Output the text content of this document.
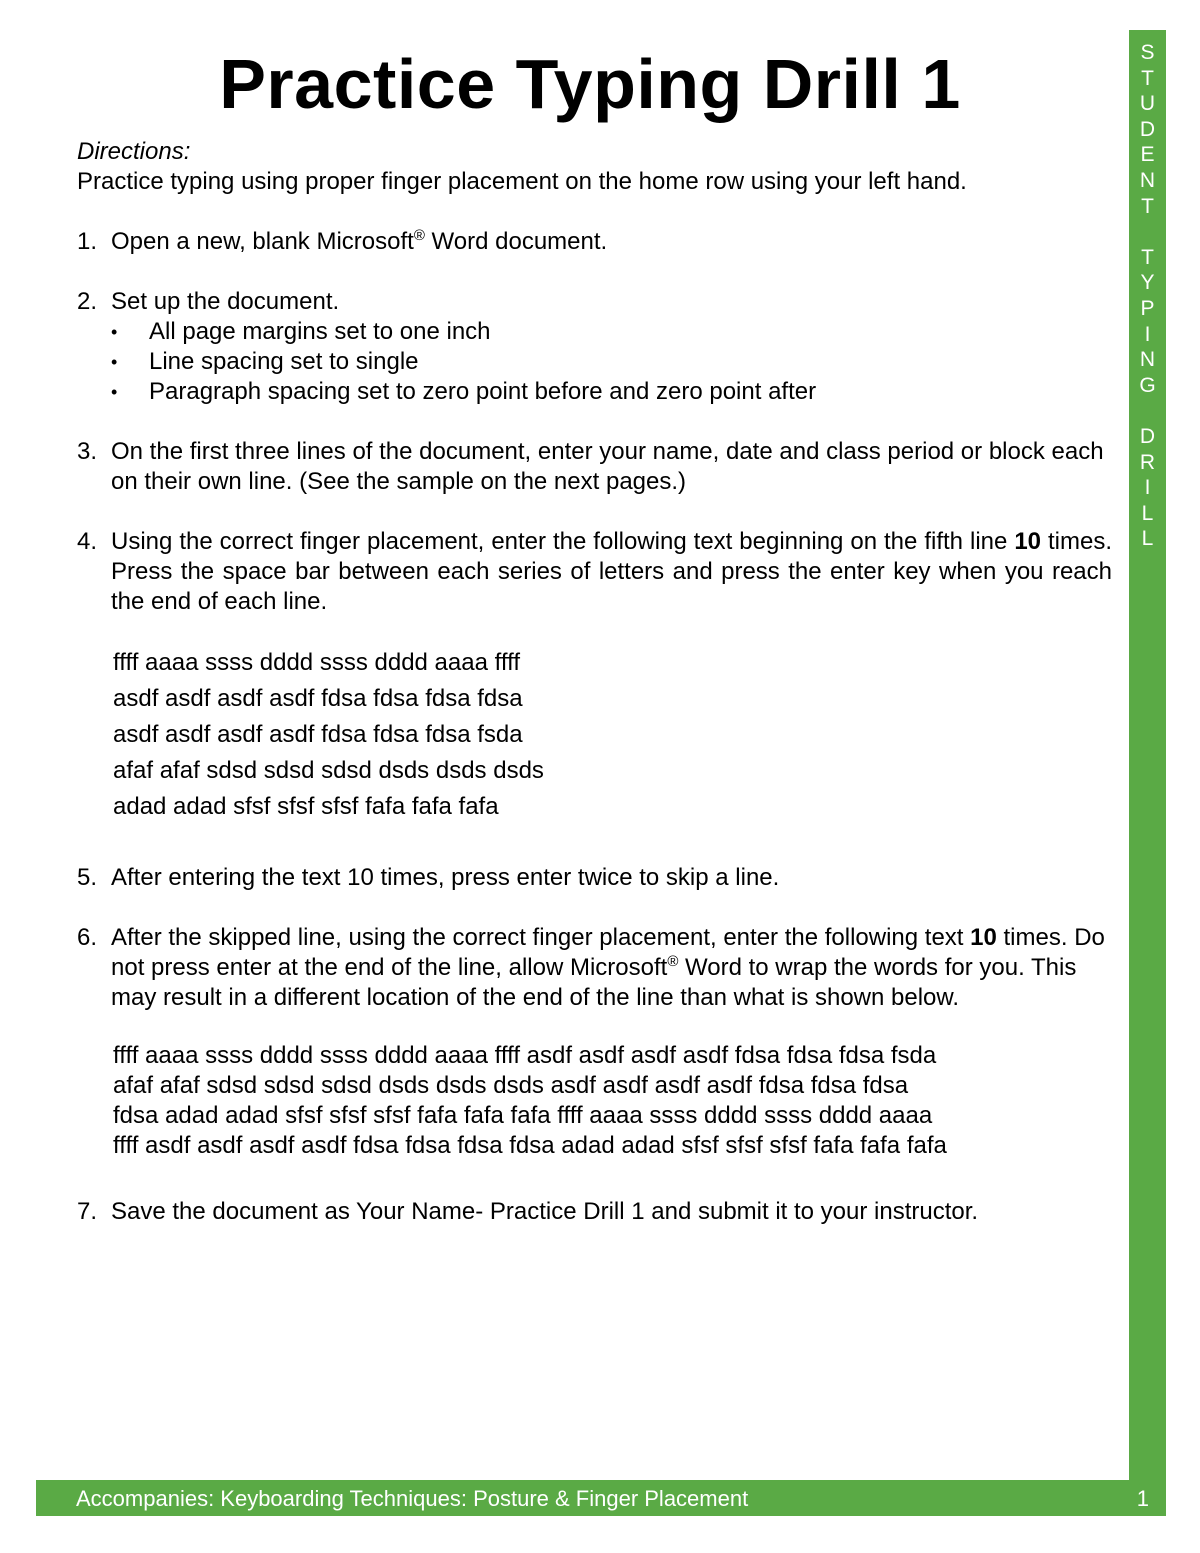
S
T
U
D
E
N
T
T
Y
P
I
N
G
D
R
I
L
L
Practice Typing Drill 1
Directions:
Practice typing using proper finger placement on the home row using your left hand.
1. Open a new, blank Microsoft® Word document.
2. Set up the document.
• All page margins set to one inch
• Line spacing set to single
• Paragraph spacing set to zero point before and zero point after
3. On the first three lines of the document, enter your name, date and class period or block each on their own line. (See the sample on the next pages.)
4. Using the correct finger placement, enter the following text beginning on the fifth line 10 times. Press the space bar between each series of letters and press the enter key when you reach the end of each line.
ffff aaaa ssss dddd ssss dddd aaaa ffff
asdf asdf asdf asdf fdsa fdsa fdsa fdsa
asdf asdf asdf asdf fdsa fdsa fdsa fsda
afaf afaf sdsd sdsd sdsd dsds dsds dsds
adad adad sfsf sfsf sfsf fafa fafa fafa
5. After entering the text 10 times, press enter twice to skip a line.
6. After the skipped line, using the correct finger placement, enter the following text 10 times. Do not press enter at the end of the line, allow Microsoft® Word to wrap the words for you. This may result in a different location of the end of the line than what is shown below.
ffff aaaa ssss dddd ssss dddd aaaa ffff asdf asdf asdf asdf fdsa fdsa fdsa fsda
afaf afaf sdsd sdsd sdsd dsds dsds dsds asdf asdf asdf asdf fdsa fdsa fdsa
fdsa adad adad sfsf sfsf sfsf fafa fafa fafa ffff aaaa ssss dddd ssss dddd aaaa
ffff asdf asdf asdf asdf fdsa fdsa fdsa fdsa adad adad sfsf sfsf sfsf fafa fafa fafa
7. Save the document as Your Name- Practice Drill 1 and submit it to your instructor.
Accompanies: Keyboarding Techniques: Posture & Finger Placement	1
